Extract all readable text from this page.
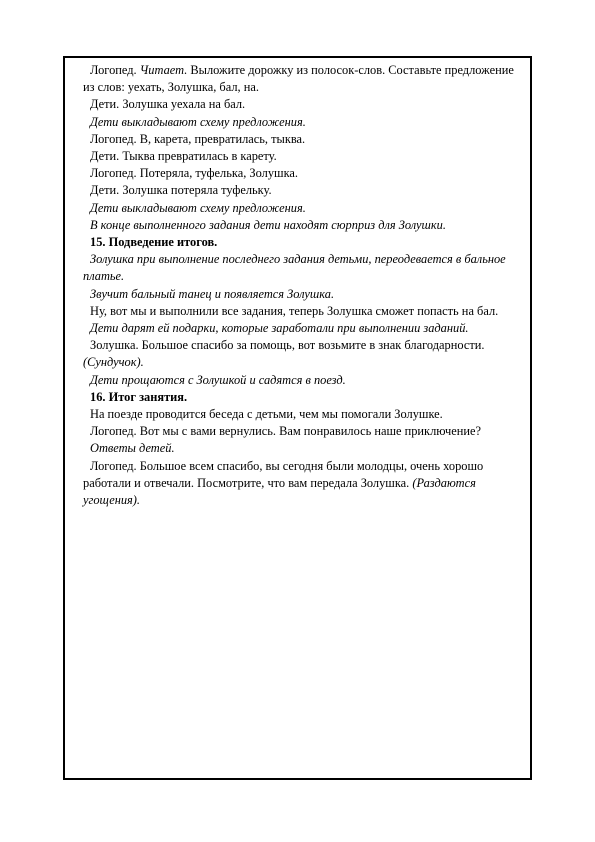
Логопед. Читает. Выложите дорожку из полосок-слов. Составьте предложение из слов: уехать, Золушка, бал, на.

Дети. Золушка уехала на бал.

Дети выкладывают схему предложения.

Логопед. В, карета, превратилась, тыква.

Дети. Тыква превратилась в карету.

Логопед. Потеряла, туфелька, Золушка.

Дети. Золушка потеряла туфельку.

Дети выкладывают схему предложения.

В конце выполненного задания дети находят сюрприз для Золушки.

15. Подведение итогов.

Золушка при выполнение последнего задания детьми, переодевается в бальное платье.

Звучит бальный танец и появляется Золушка.

Ну, вот мы и выполнили все задания, теперь Золушка сможет попасть на бал.

Дети дарят ей подарки, которые заработали при выполнении заданий.

Золушка. Большое спасибо за помощь, вот возьмите в знак благодарности. (Сундучок).

Дети прощаются с Золушкой и садятся в поезд.

16. Итог занятия.

На поезде проводится беседа с детьми, чем мы помогали Золушке.

Логопед. Вот мы с вами вернулись. Вам понравилось наше приключение?

Ответы детей.

Логопед. Большое всем спасибо, вы сегодня были молодцы, очень хорошо работали и отвечали. Посмотрите, что вам передала Золушка. (Раздаются угощения).
